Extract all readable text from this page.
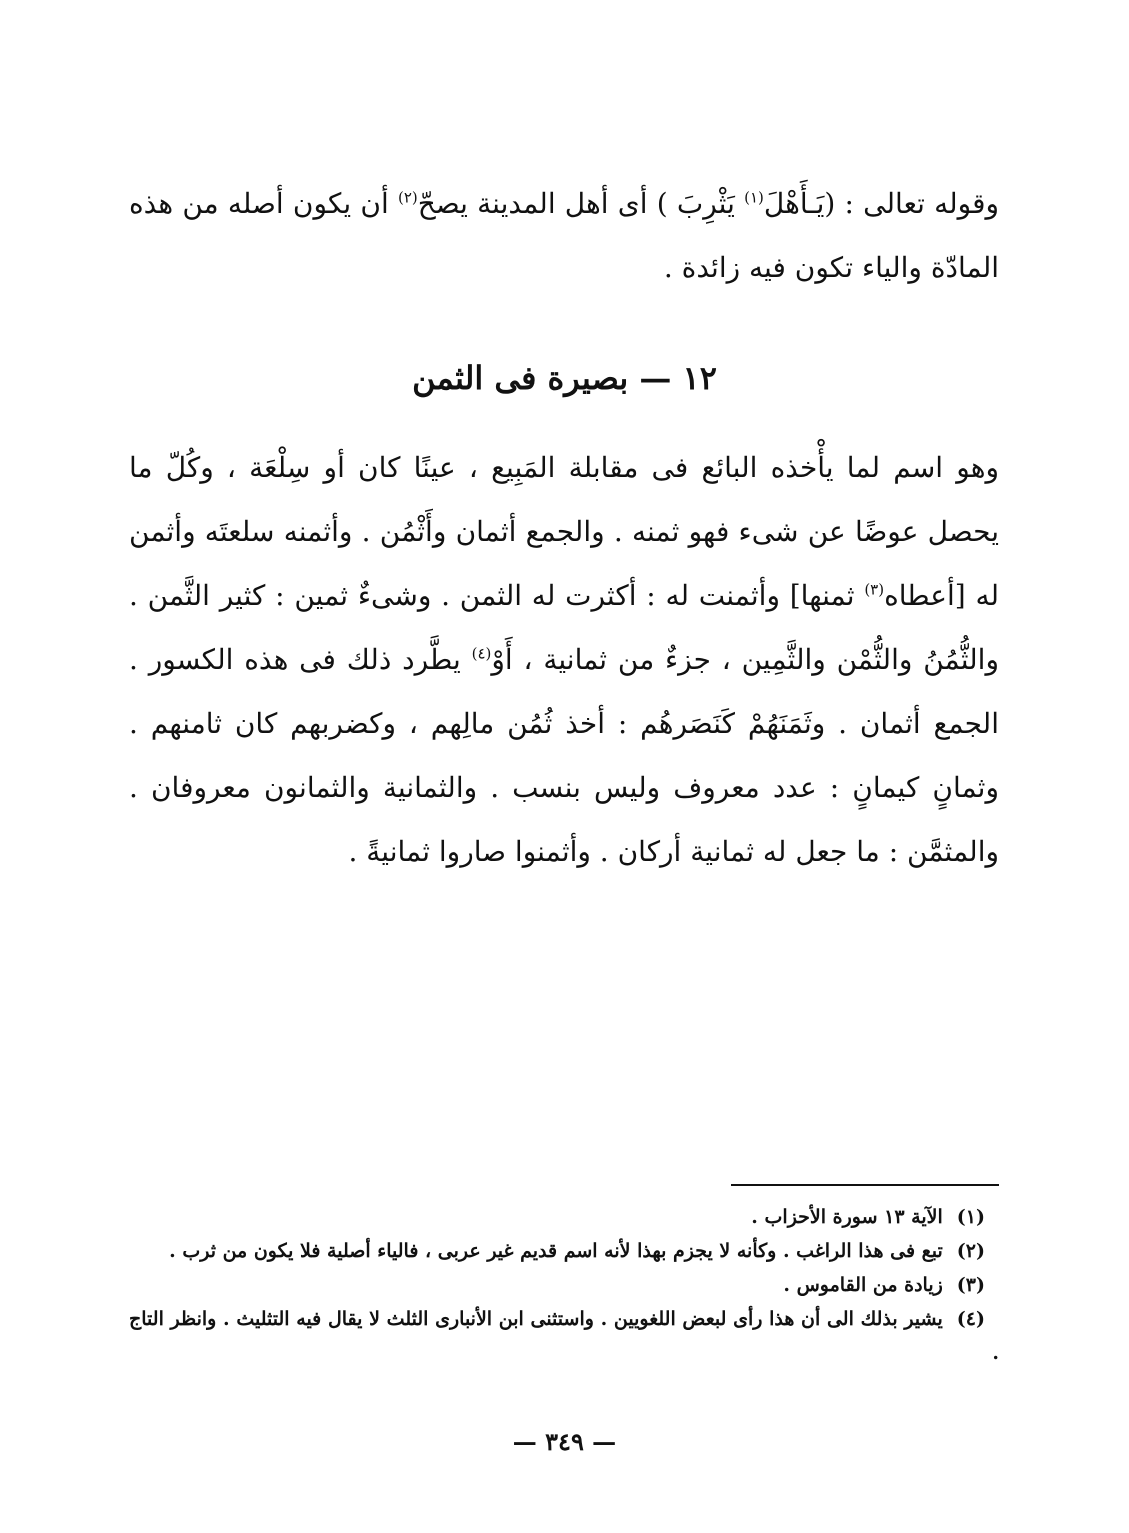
وقوله تعالى : (يَـأَهْلَ$^{(١)}$ يَثْرِبَ ) أى أهل المدينة يصحّ$^{(٢)}$ أن يكون أصله من هذه المادّة والياء تكون فيه زائدة .

١٢ — بصيرة فى الثمن

وهو اسم لما يأْخذه البائع فى مقابلة المَبِيع ، عينًا كان أو سِلْعَة ، وكُلّ ما يحصل عوضًا عن شىء فهو ثمنه . والجمع أثمان وأَثْمُن . وأثمنه سلعتَه وأثمن له [أعطاه$^{(٣)}$ ثمنها] وأثمنت له : أكثرت له الثمن . وشىءٌ ثمين : كثير الثَّمن . والثُّمُنُ والثُّمْن والثَّمِين ، جزءٌ من ثمانية ، أَوْ$^{(٤)}$ يطَّرد ذلك فى هذه الكسور . الجمع أثمان . وثَمَنَهُمْ كَنَصَرهُم : أخذ ثُمُن مالِهم ، وكضربهم كان ثامنهم . وثمانٍ كيمانٍ : عدد معروف وليس بنسب . والثمانية والثمانون معروفان . والمثمَّن : ما جعل له ثمانية أركان . وأثمنوا صاروا ثمانيةً .

(١)الآية ١٣ سورة الأحزاب .
(٢)تبع فى هذا الراغب . وكأنه لا يجزم بهذا لأنه اسم قديم غير عربى ، فالياء أصلية فلا يكون من ثرب .
(٣)زيادة من القاموس .
(٤)يشير بذلك الى أن هذا رأى لبعض اللغويين . واستثنى ابن الأنبارى الثلث لا يقال فيه التثليث . وانظر التاج .
— ٣٤٩ —
